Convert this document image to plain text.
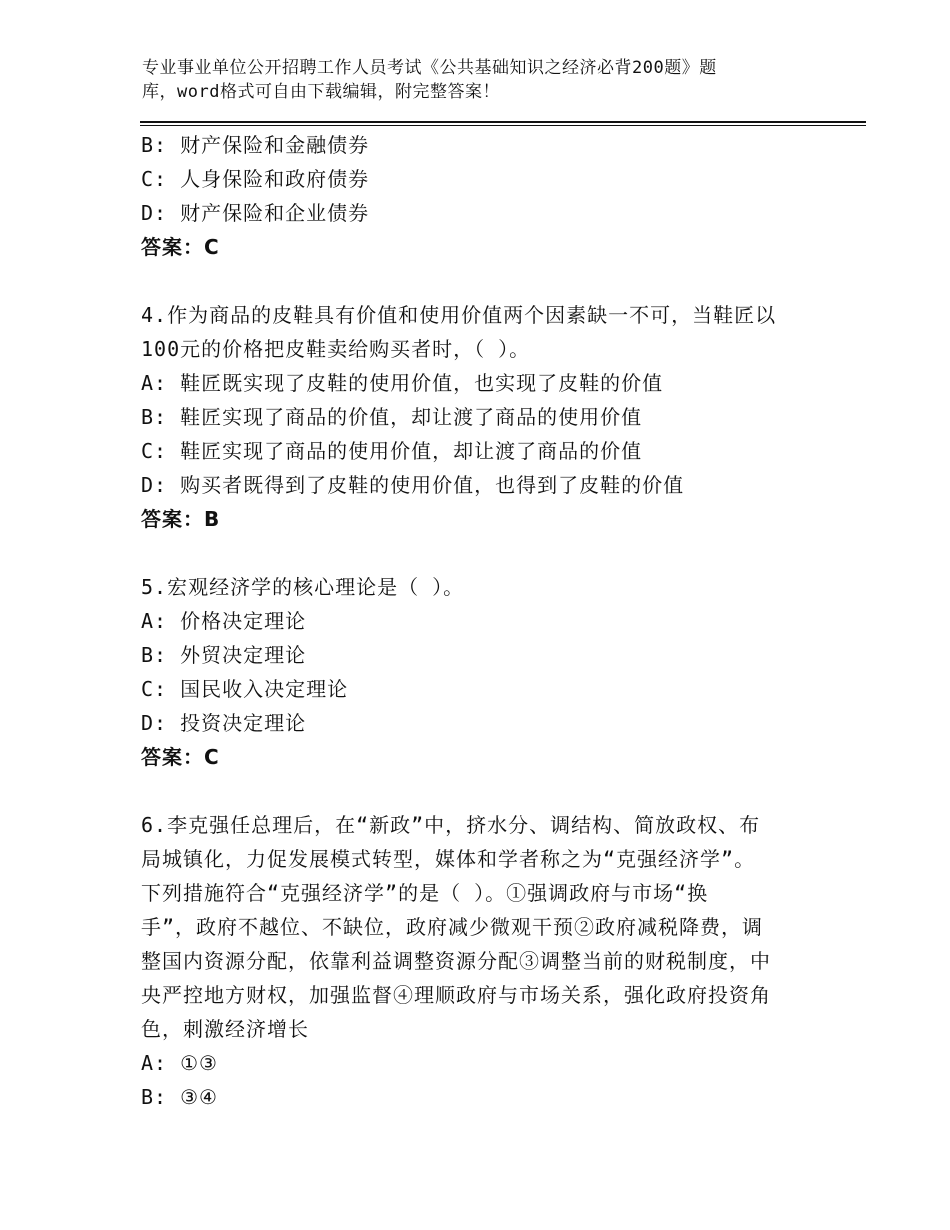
专业事业单位公开招聘工作人员考试《公共基础知识之经济必背200题》题
库，word格式可自由下载编辑，附完整答案！
B: 财产保险和金融债券
C: 人身保险和政府债券
D: 财产保险和企业债券
答案：C
4.作为商品的皮鞋具有价值和使用价值两个因素缺一不可，当鞋匠以
100元的价格把皮鞋卖给购买者时，（ ）。
A: 鞋匠既实现了皮鞋的使用价值，也实现了皮鞋的价值
B: 鞋匠实现了商品的价值，却让渡了商品的使用价值
C: 鞋匠实现了商品的使用价值，却让渡了商品的价值
D: 购买者既得到了皮鞋的使用价值，也得到了皮鞋的价值
答案：B
5.宏观经济学的核心理论是（ ）。
A: 价格决定理论
B: 外贸决定理论
C: 国民收入决定理论
D: 投资决定理论
答案：C
6.李克强任总理后，在“新政”中，挤水分、调结构、简放政权、布
局城镇化，力促发展模式转型，媒体和学者称之为“克强经济学”。
下列措施符合“克强经济学”的是（ ）。①强调政府与市场“换
手”，政府不越位、不缺位，政府减少微观干预②政府减税降费，调
整国内资源分配，依靠利益调整资源分配③调整当前的财税制度，中
央严控地方财权，加强监督④理顺政府与市场关系，强化政府投资角
色，刺激经济增长
A: ①③
B: ③④
